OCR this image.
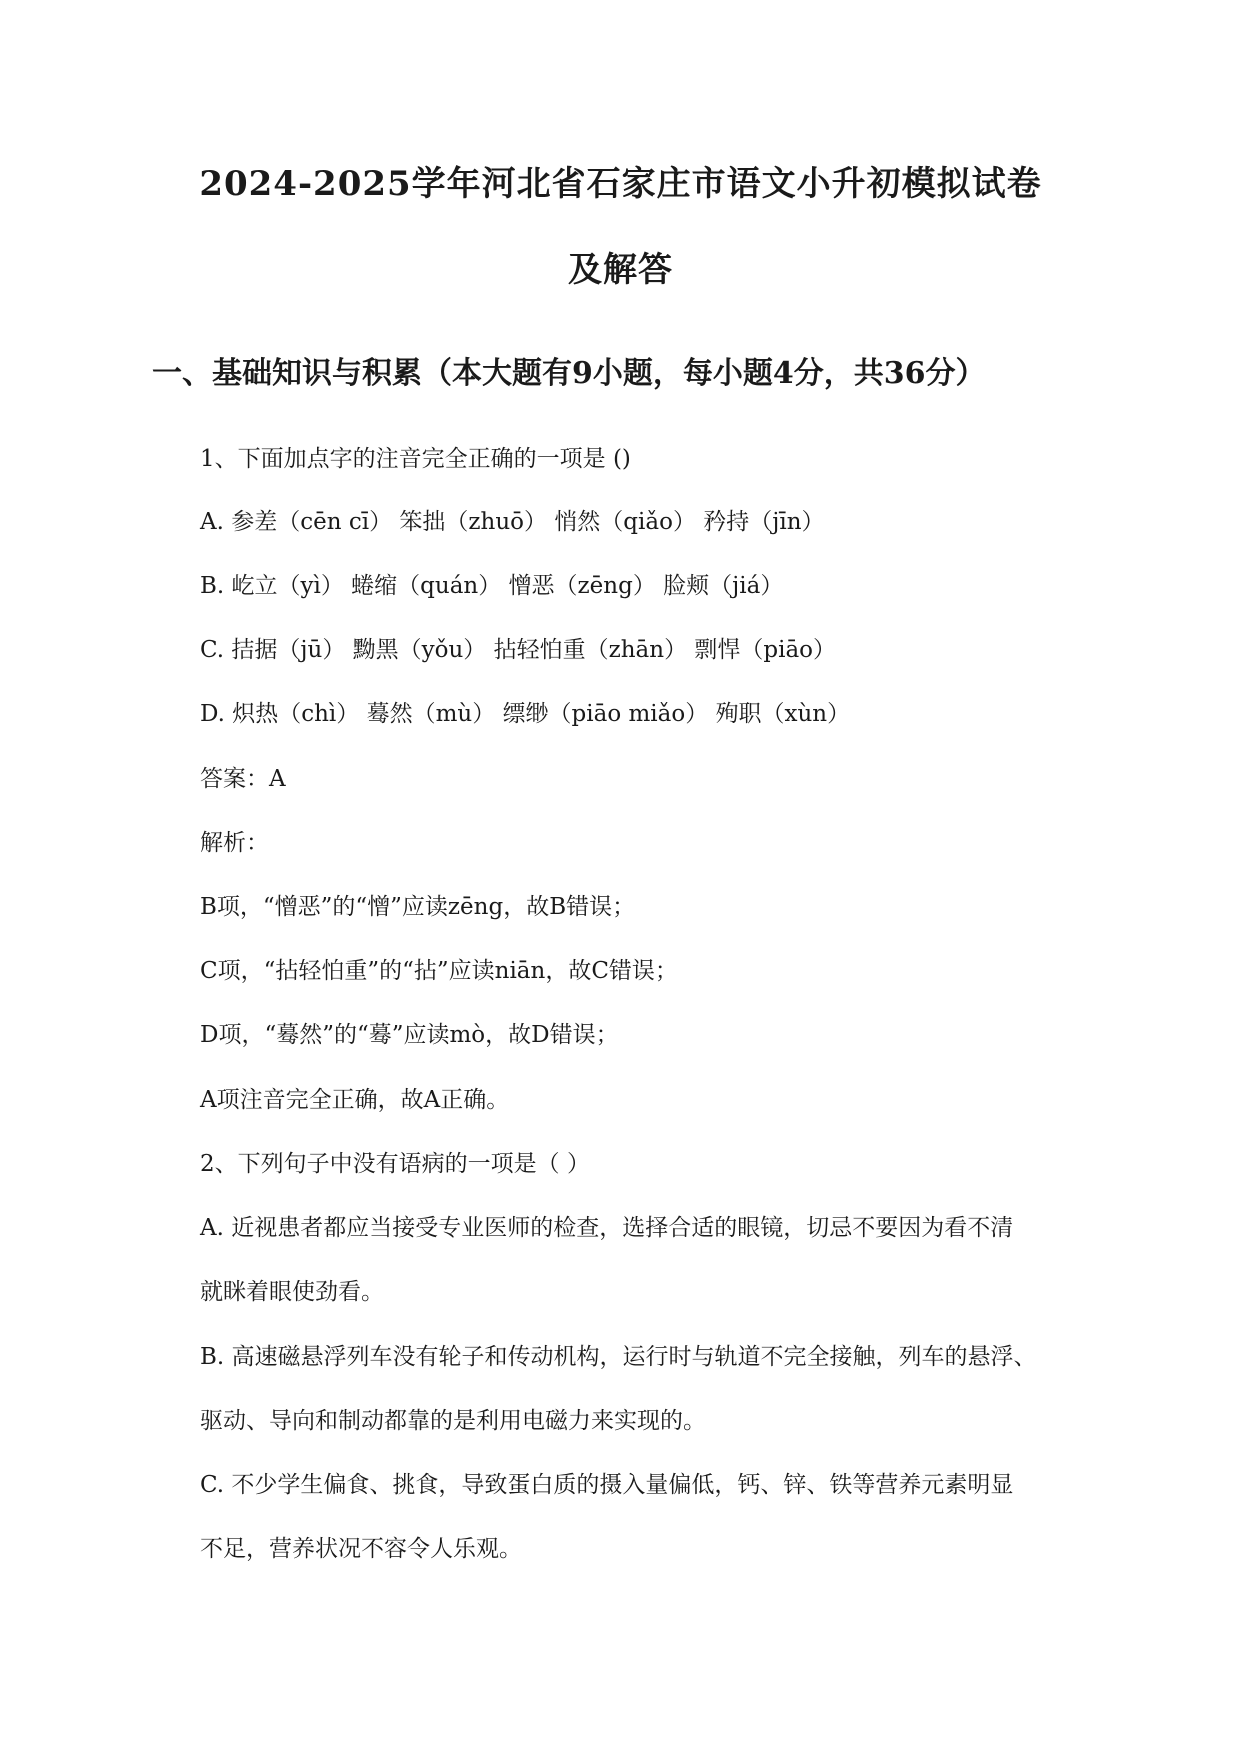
2024-2025学年河北省石家庄市语文小升初模拟试卷
及解答
一、基础知识与积累（本大题有9小题，每小题4分，共36分）
1、下面加点字的注音完全正确的一项是 ()
A. 参差（cēn cī） 笨拙（zhuō） 悄然（qiǎo） 矜持（jīn）
B. 屹立（yì） 蜷缩（quán） 憎恶（zēng） 脸颊（jiá）
C. 拮据（jū） 黝黑（yǒu） 拈轻怕重（zhān） 剽悍（piāo）
D. 炽热（chì） 蓦然（mù） 缥缈（piāo miǎo） 殉职（xùn）
答案：A
解析：
B项，“憎恶”的“憎”应读zēng，故B错误；
C项，“拈轻怕重”的“拈”应读niān，故C错误；
D项，“蓦然”的“蓦”应读mò，故D错误；
A项注音完全正确，故A正确。
2、下列句子中没有语病的一项是（ ）
A. 近视患者都应当接受专业医师的检查，选择合适的眼镜，切忌不要因为看不清
就眯着眼使劲看。
B. 高速磁悬浮列车没有轮子和传动机构，运行时与轨道不完全接触，列车的悬浮、
驱动、导向和制动都靠的是利用电磁力来实现的。
C. 不少学生偏食、挑食，导致蛋白质的摄入量偏低，钙、锌、铁等营养元素明显
不足，营养状况不容令人乐观。
